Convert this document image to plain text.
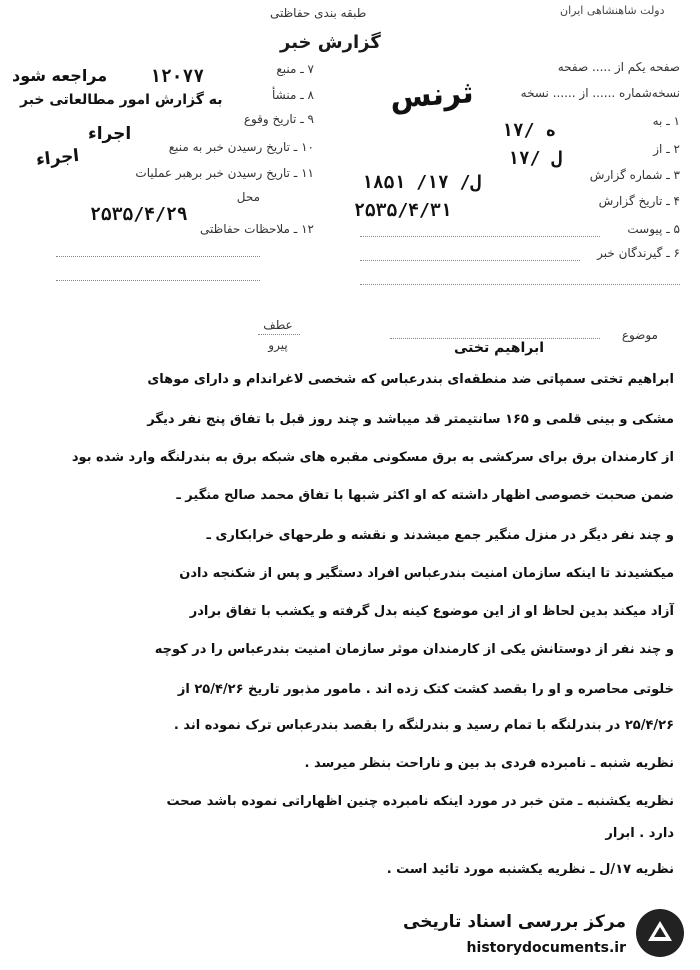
دولت شاهنشاهی ایران
طبقه بندی حفاظتی
گزارش خبر
صفحه یکم از ..... صفحه
نسخه‌شماره ...... از ...... نسخه
ثرنس
۱ ـ به
۱۷/ ه
۲ ـ از
۱۷/ ل
۳ ـ شماره گزارش
ل/ ۱۷/ ۱۸۵۱
۴ ـ تاریخ گزارش
۲۵۳۵/۴/۳۱
۵ ـ پیوست
۶ ـ گیرندگان خبر
۷ ـ منبع
۱۲۰۷۷
مراجعه شود
۸ ـ منشأ
به گزارش امور مطالعاتی خبر
۹ ـ تاریخ وقوع
اجراء
۱۰ ـ تاریخ رسیدن خبر به منبع
اجراء
۱۱ ـ تاریخ رسیدن خبر برهبر عملیات
محل
۲۵۳۵/۴/۲۹
۱۲ ـ ملاحظات حفاظتی
عطف
پیرو
موضوع
ابراهیم تختی
ابراهیم تختی سمپاتی ضد منطقه‌ای بندرعباس که شخصی لاغراندام و دارای موهای
مشکی و بینی قلمی و ۱۶۵ سانتیمتر قد میباشد و چند روز قبل با تفاق پنج نفر دیگر
از کارمندان برق برای سرکشی به برق مسکونی مقبره های شبکه برق به بندرلنگه وارد شده بود
ضمن صحبت خصوصی اظهار داشته که او اکثر شبها با تفاق محمد صالح منگیر ـ
و چند نفر دیگر در منزل منگیر جمع میشدند و نقشه و طرحهای خرابکاری ـ
میکشیدند تا اینکه سازمان امنیت بندرعباس افراد دستگیر و پس از شکنجه دادن
آزاد میکند بدین لحاظ او از این موضوع کینه بدل گرفته و یکشب با تفاق برادر
و چند نفر از دوستانش یکی از کارمندان موثر سازمان امنیت بندرعباس را در کوچه
خلوتی محاصره و او را بقصد کشت کتک زده اند . مامور مذبور تاریخ ۲۵/۴/۲۶ از
۲۵/۴/۲۶ در بندرلنگه با تمام رسید و بندرلنگه را بقصد بندرعباس ترک نموده اند .
نظریه شنبه ـ نامبرده فردی بد بین و ناراحت بنظر میرسد .
نظریه یکشنبه ـ متن خبر در مورد اینکه نامبرده چنین اظهاراتی نموده باشد صحت
دارد . ابرار
نظریه ۱۷/ل ـ نظریه یکشنبه مورد تائید است .
مرکز بررسی اسناد تاریخی
historydocuments.ir
